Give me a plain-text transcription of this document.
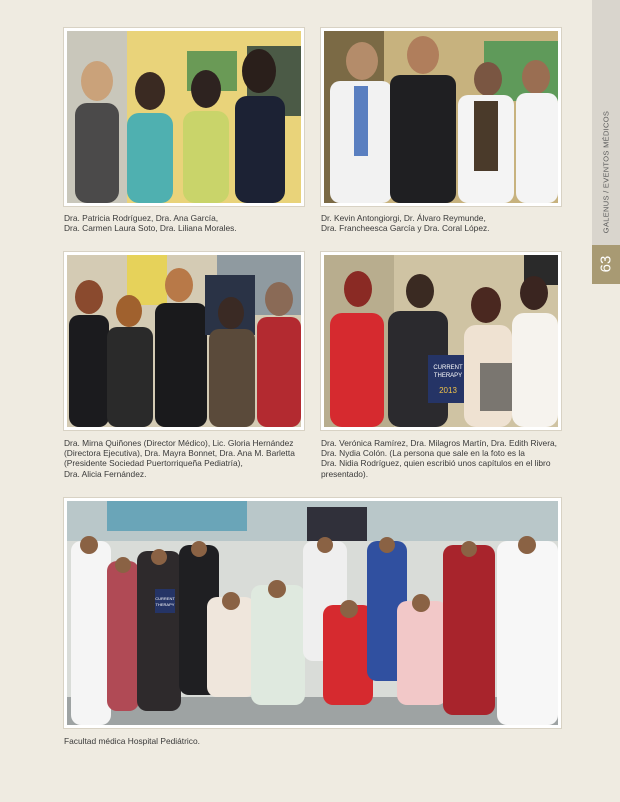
Dra. Patricia Rodríguez, Dra. Ana García,
Dra. Carmen Laura Soto, Dra. Liliana Morales.

Dr. Kevin Antongiorgi, Dr. Álvaro Reymunde,
Dra. Francheesca García y Dra. Coral López.

Dra. Mirna Quiñones (Director Médico), Lic. Gloria Hernández
(Directora Ejecutiva), Dra. Mayra Bonnet, Dra. Ana M. Barletta
(Presidente Sociedad Puertorriqueña Pediatría),
Dra. Alicia Fernández.

CURRENT
THERAPY
2013

Dra. Verónica Ramírez, Dra. Milagros Martín, Dra. Edith Rivera,
Dra. Nydia Colón. (La persona que sale en la foto es la
Dra. Nidia Rodríguez, quien escribió unos capítulos en el libro
presentado).

CURRENT
THERAPY

Facultad médica Hospital Pediátrico.

GALENUS / EVENTOS MÉDICOS
63
